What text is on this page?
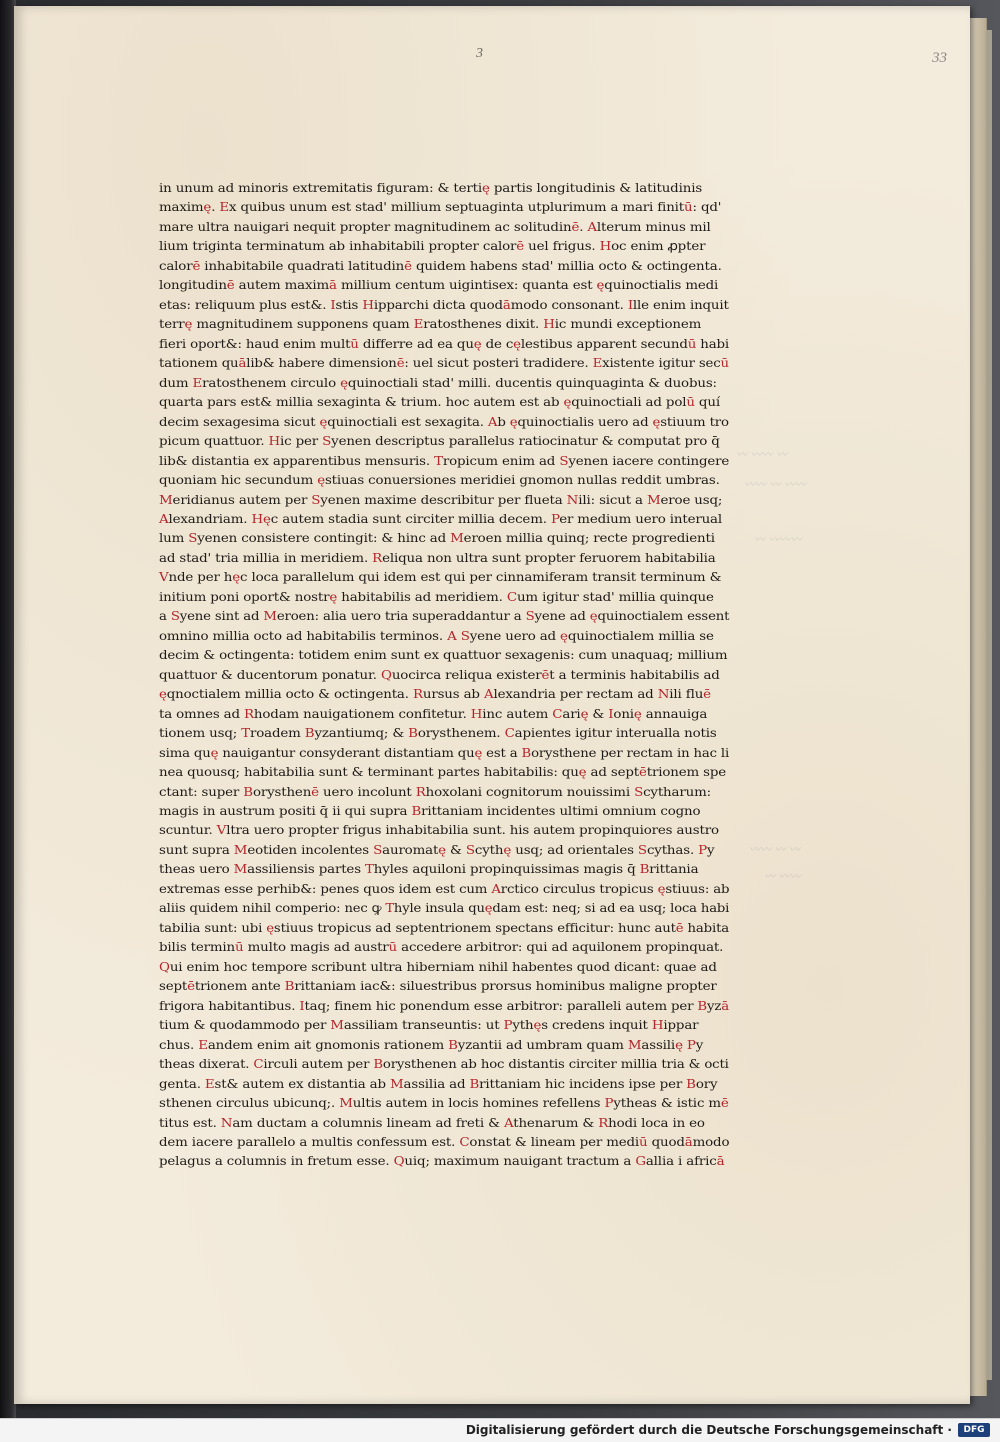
3	33
〰 〰〰 〰
〰〰 〰 〰〰
〰 〰〰〰
〰〰 〰 〰
〰 〰〰
in unum ad minoris extremitatis figuram: & tertię partis longitudinis & latitudinis
maximę. Ex quibus unum est stad' millium septuaginta utplurimum a mari finitū: qd'
mare ultra nauigari nequit propter magnitudinem ac solitudinē. Alterum minus mil
lium triginta terminatum ab inhabitabili propter calorē uel frigus. Hoc enim ꝓpter
calorē inhabitabile quadrati latitudinē quidem habens stad' millia octo & octingenta.
longitudinē autem maximā millium centum uigintisex: quanta est ęquinoctialis medi
etas: reliquum plus est&. Istis Hipparchi dicta quodāmodo consonant. Ille enim inquit
terrę magnitudinem supponens quam Eratosthenes dixit. Hic mundi exceptionem
fieri oport&: haud enim multū differre ad ea quę de cęlestibus apparent secundū habi
tationem quālib& habere dimensionē: uel sicut posteri tradidere. Existente igitur secū
dum Eratosthenem circulo ęquinoctiali stad' milli. ducentis quinquaginta & duobus:
quarta pars est& millia sexaginta & trium. hoc autem est ab ęquinoctiali ad polū quí
decim sexagesima sicut ęquinoctiali est sexagita. Ab ęquinoctialis uero ad ęstiuum tro
picum quattuor. Hic per Syenen descriptus parallelus ratiocinatur & computat pro q
lib& distantia ex apparentibus mensuris. Tropicum enim ad Syenen iacere contingere
quoniam hic secundum ęstiuas conuersiones meridiei gnomon nullas reddit umbras.
Meridianus autem per Syenen maxime describitur per flueta Nili: sicut a Meroe usq;
Alexandriam. Hęc autem stadia sunt circiter millia decem. Per medium uero interual
lum Syenen consistere contingit: & hinc ad Meroen millia quinq; recte progredienti
ad stad' tria millia in meridiem. Reliqua non ultra sunt propter feruorem habitabilia
Vnde per hęc loca parallelum qui idem est qui per cinnamiferam transit terminum &
initium poni oport& nostrę habitabilis ad meridiem. Cum igitur stad' millia quinque
a Syene sint ad Meroen: alia uero tria superaddantur a Syene ad ęquinoctialem essent
omnino millia octo ad habitabilis terminos. A Syene uero ad ęquinoctialem millia se
decim & octingenta: totidem enim sunt ex quattuor sexagenis: cum unaquaq; millium
quattuor & ducentorum ponatur. Quocirca reliqua existerēt a terminis habitabilis ad
ęqnoctialem millia octo & octingenta. Rursus ab Alexandria per rectam ad Nili fluē
ta omnes ad Rhodam nauigationem confitetur. Hinc autem Carię & Ionię annauiga
tionem usq; Troadem Byzantiumq; & Borysthenem. Capientes igitur interualla notis
sima quę nauigantur consyderant distantiam quę est a Borysthene per rectam in hac li
nea quousq; habitabilia sunt & terminant partes habitabilis: quę ad septētrionem spe
ctant: super Borysthenē uero incolunt Rhoxolani cognitorum nouissimi Scytharum:
magis in austrum positi q ii qui supra Brittaniam incidentes ultimi omnium cogno
scuntur. Vltra uero propter frigus inhabitabilia sunt. his autem propinquiores austro
sunt supra Meotiden incolentes Sauromatę & Scythę usq; ad orientales Scythas. Py
theas uero Massiliensis partes Thyles aquiloni propinquissimas magis q Brittania
extremas esse perhib&: penes quos idem est cum Arctico circulus tropicus ęstiuus: ab
aliis quidem nihil comperio: nec ꝙ Thyle insula quędam est: neq; si ad ea usq; loca habi
tabilia sunt: ubi ęstiuus tropicus ad septentrionem spectans efficitur: hunc autē habita
bilis terminū multo magis ad austrū accedere arbitror: qui ad aquilonem propinquat.
Qui enim hoc tempore scribunt ultra hiberniam nihil habentes quod dicant: quae ad
septētrionem ante Brittaniam iac&: siluestribus prorsus hominibus maligne propter
frigora habitantibus. Itaq; finem hic ponendum esse arbitror: paralleli autem per Byzā
tium & quodammodo per Massiliam transeuntis: ut Pythęs credens inquit Hippar
chus. Eandem enim ait gnomonis rationem Byzantii ad umbram quam Massilię Py
theas dixerat. Circuli autem per Borysthenen ab hoc distantis circiter millia tria & octi
genta. Est& autem ex distantia ab Massilia ad Brittaniam hic incidens ipse per Bory
sthenen circulus ubicunq;. Multis autem in locis homines refellens Pytheas & istic mē
titus est. Nam ductam a columnis lineam ad freti & Athenarum & Rhodi loca in eo
dem iacere parallelo a multis confessum est. Constat & lineam per mediū quodāmodo
pelagus a columnis in fretum esse. Quiq; maximum nauigant tractum a Gallia i africā
Digitalisierung gefördert durch die Deutsche Forschungsgemeinschaft ·	DFG
